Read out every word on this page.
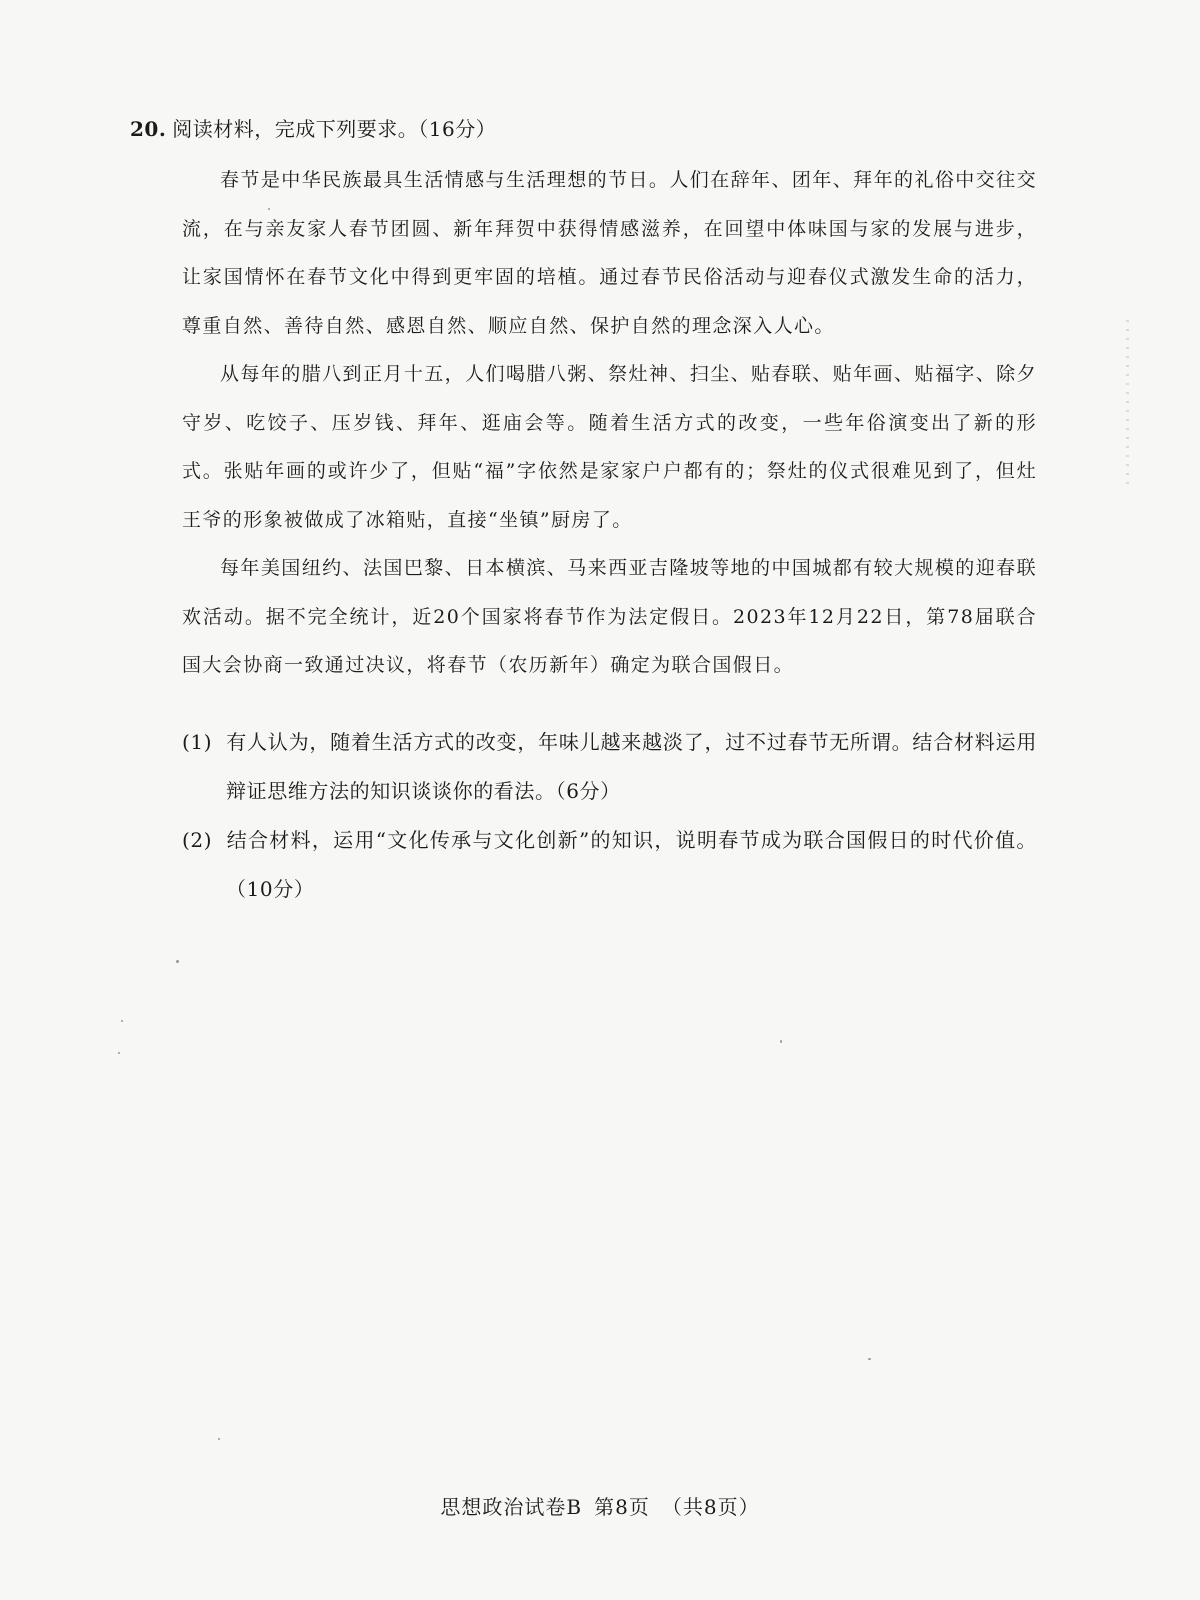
20. 阅读材料，完成下列要求。（16分）

春节是中华民族最具生活情感与生活理想的节日。人们在辞年、团年、拜年的礼俗中交往交流，在与亲友家人春节团圆、新年拜贺中获得情感滋养，在回望中体味国与家的发展与进步，让家国情怀在春节文化中得到更牢固的培植。通过春节民俗活动与迎春仪式激发生命的活力，尊重自然、善待自然、感恩自然、顺应自然、保护自然的理念深入人心。

从每年的腊八到正月十五，人们喝腊八粥、祭灶神、扫尘、贴春联、贴年画、贴福字、除夕守岁、吃饺子、压岁钱、拜年、逛庙会等。随着生活方式的改变，一些年俗演变出了新的形式。张贴年画的或许少了，但贴“福”字依然是家家户户都有的；祭灶的仪式很难见到了，但灶王爷的形象被做成了冰箱贴，直接“坐镇”厨房了。

每年美国纽约、法国巴黎、日本横滨、马来西亚吉隆坡等地的中国城都有较大规模的迎春联欢活动。据不完全统计，近20个国家将春节作为法定假日。2023年12月22日，第78届联合国大会协商一致通过决议，将春节（农历新年）确定为联合国假日。

(1) 有人认为，随着生活方式的改变，年味儿越来越淡了，过不过春节无所谓。结合材料运用辩证思维方法的知识谈谈你的看法。（6分）
(2) 结合材料，运用“文化传承与文化创新”的知识，说明春节成为联合国假日的时代价值。（10分）
思想政治试卷B 第8页 （共8页）
